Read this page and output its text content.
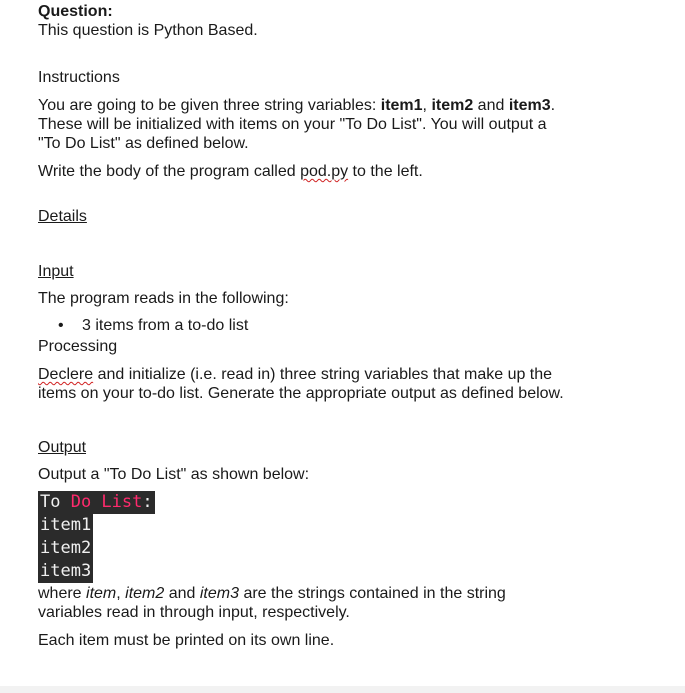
Question:
This question is Python Based.
Instructions
You are going to be given three string variables: item1, item2 and item3.
These will be initialized with items on your "To Do List". You will output a
"To Do List" as defined below.
Write the body of the program called pod.py to the left.
Details
Input
The program reads in the following:
• 3 items from a to-do list
Processing
Declere and initialize (i.e. read in) three string variables that make up the
items on your to-do list. Generate the appropriate output as defined below.
Output
Output a "To Do List" as shown below:
To Do List:
item1
item2
item3
where item, item2 and item3 are the strings contained in the string
variables read in through input, respectively.
Each item must be printed on its own line.
